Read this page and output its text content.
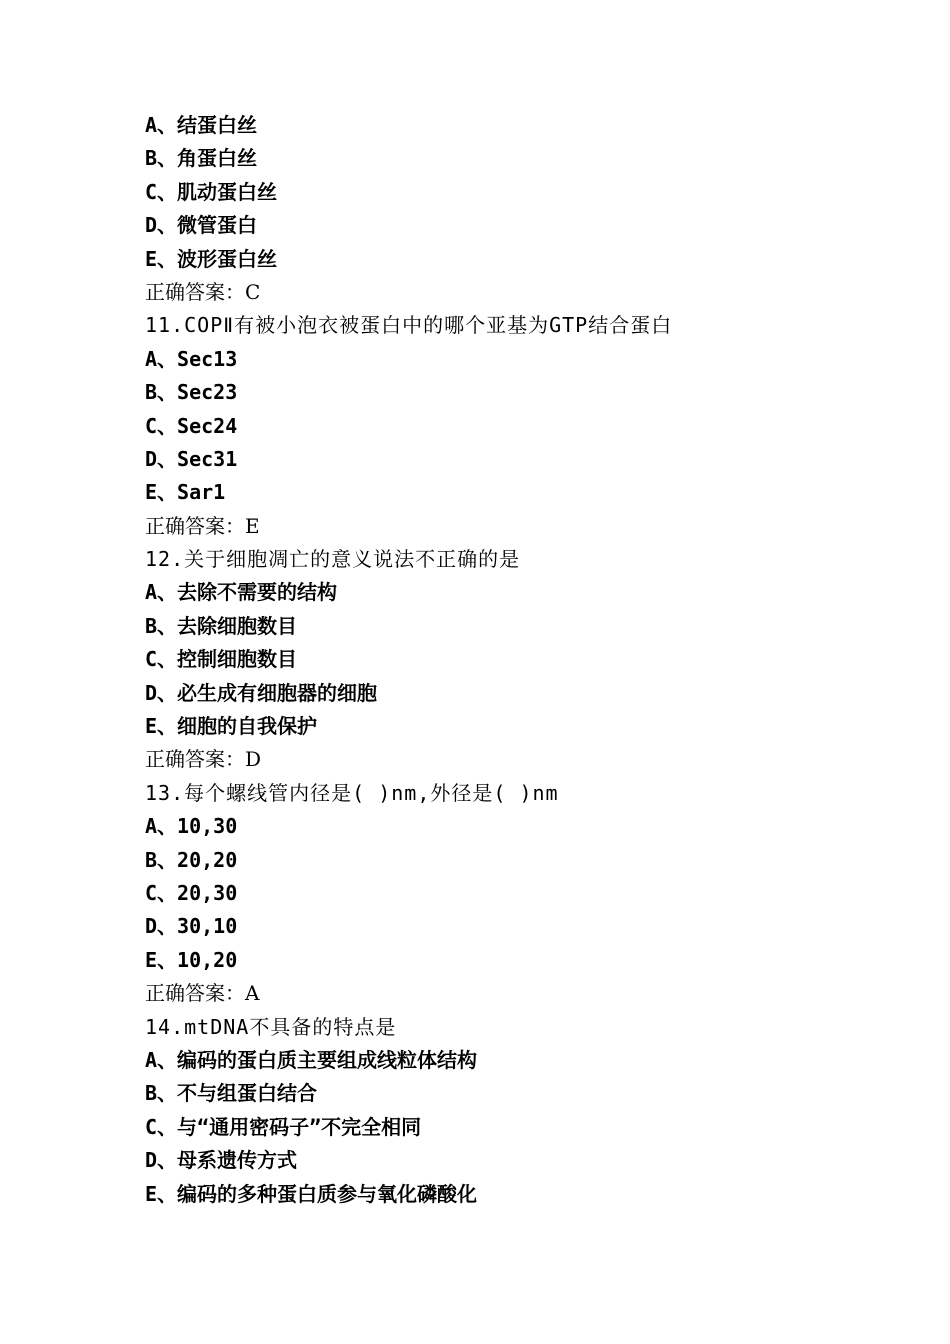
A、结蛋白丝
B、角蛋白丝
C、肌动蛋白丝
D、微管蛋白
E、波形蛋白丝
正确答案：C
11.COPⅡ有被小泡衣被蛋白中的哪个亚基为GTP结合蛋白
A、Sec13
B、Sec23
C、Sec24
D、Sec31
E、Sar1
正确答案：E
12.关于细胞凋亡的意义说法不正确的是
A、去除不需要的结构
B、去除细胞数目
C、控制细胞数目
D、必生成有细胞器的细胞
E、细胞的自我保护
正确答案：D
13.每个螺线管内径是( )nm,外径是( )nm
A、10,30
B、20,20
C、20,30
D、30,10
E、10,20
正确答案：A
14.mtDNA不具备的特点是
A、编码的蛋白质主要组成线粒体结构
B、不与组蛋白结合
C、与“通用密码子”不完全相同
D、母系遗传方式
E、编码的多种蛋白质参与氧化磷酸化
